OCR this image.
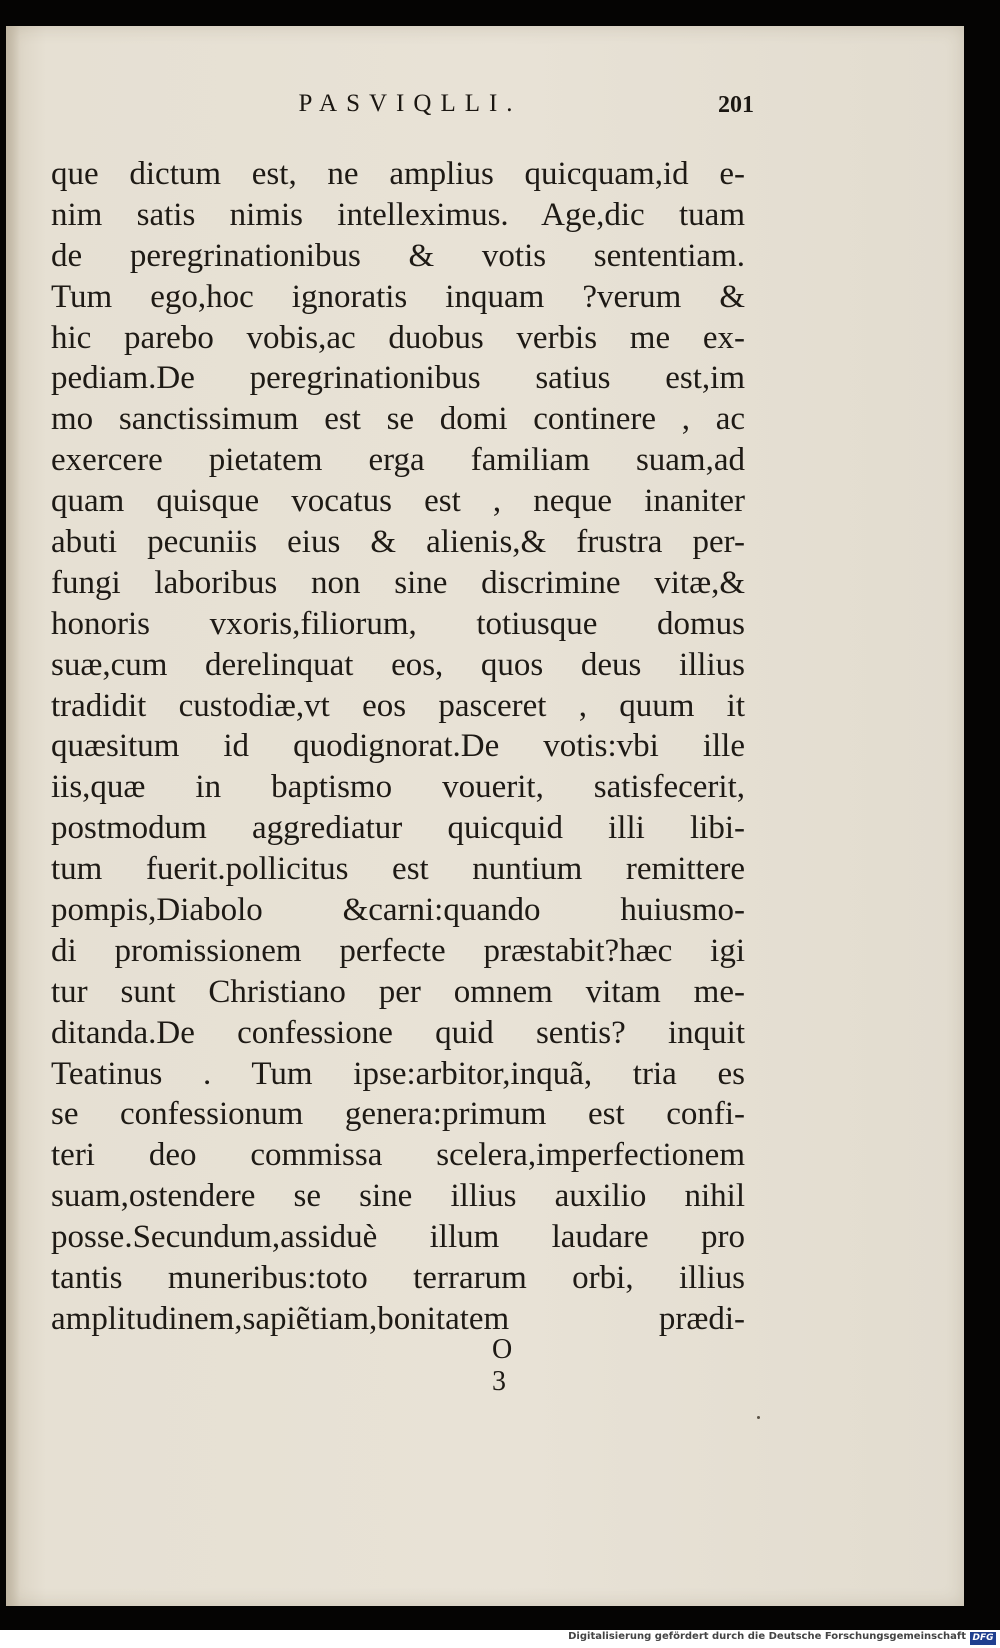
PASVIQLLI.	201
que dictum est, ne amplius quicquam,id e-
nim satis nimis intelleximus. Age,dic tuam
de peregrinationibus & votis sententiam.
Tum ego,hoc ignoratis inquam ?verum &
hic parebo vobis,ac duobus verbis me ex-
pediam.De peregrinationibus satius est,im
mo sanctissimum est se domi continere , ac
exercere pietatem erga familiam suam,ad
quam quisque vocatus est , neque inaniter
abuti pecuniis eius & alienis,& frustra per-
fungi laboribus non sine discrimine vitæ,&
honoris vxoris,filiorum, totiusque domus
suæ,cum derelinquat eos, quos deus illius
tradidit custodiæ,vt eos pasceret , quum it
quæsitum id quodignorat.De votis:vbi ille
iis,quæ in baptismo vouerit, satisfecerit,
postmodum aggrediatur quicquid illi libi-
tum fuerit.pollicitus est nuntium remittere
pompis,Diabolo &carni:quando huiusmo-
di promissionem perfecte præstabit?hæc igi
tur sunt Christiano per omnem vitam me-
ditanda.De confessione quid sentis? inquit
Teatinus . Tum ipse:arbitor,inquã, tria es
se confessionum genera:primum est confi-
teri deo commissa scelera,imperfectionem
suam,ostendere se sine illius auxilio nihil
posse.Secundum,assiduè illum laudare pro
tantis muneribus:toto terrarum orbi, illius
amplitudinem,sapiẽtiam,bonitatem prædi-
O 3
Digitalisierung gefördert durch die Deutsche Forschungsgemeinschaft DFG
